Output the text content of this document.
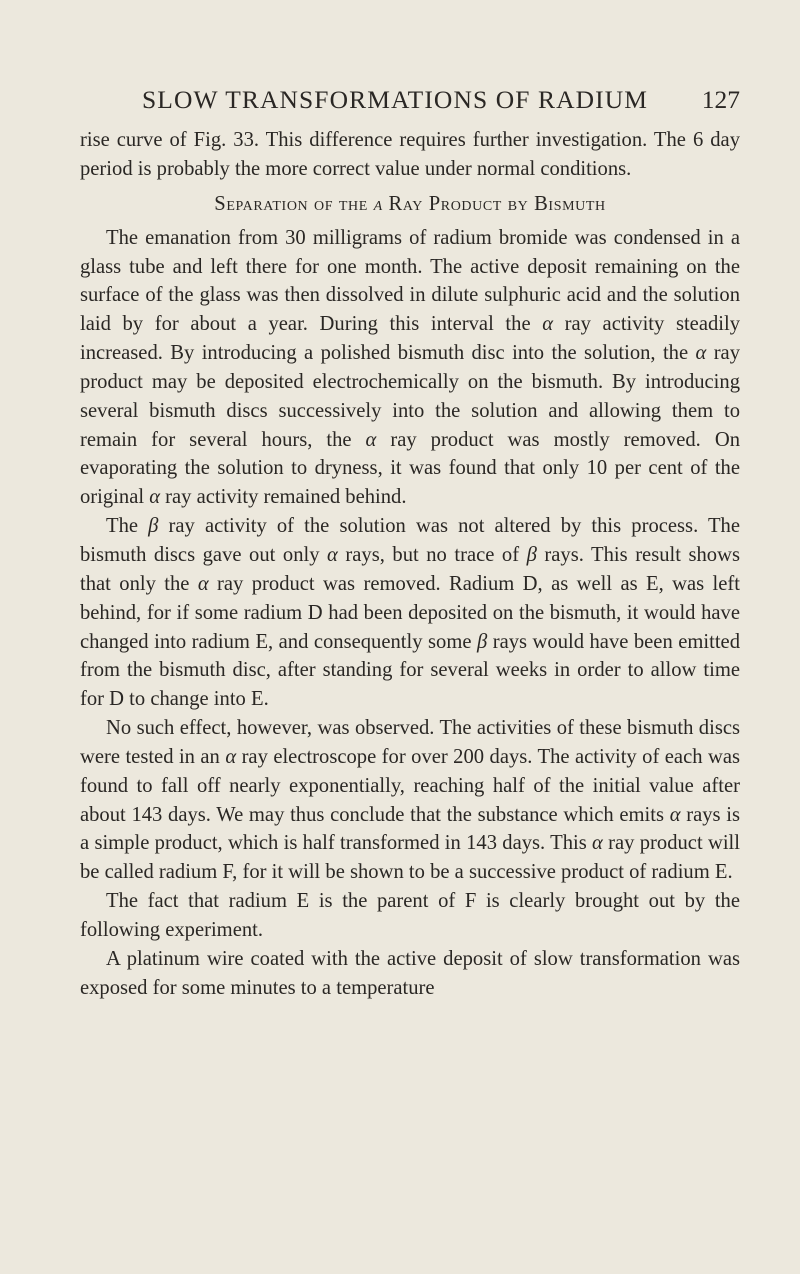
SLOW TRANSFORMATIONS OF RADIUM 127

rise curve of Fig. 33. This difference requires further investigation. The 6 day period is probably the more correct value under normal conditions.

Separation of the α Ray Product by Bismuth

The emanation from 30 milligrams of radium bromide was condensed in a glass tube and left there for one month. The active deposit remaining on the surface of the glass was then dissolved in dilute sulphuric acid and the solution laid by for about a year. During this interval the α ray activity steadily increased. By introducing a polished bismuth disc into the solution, the α ray product may be deposited electrochemically on the bismuth. By introducing several bismuth discs successively into the solution and allowing them to remain for several hours, the α ray product was mostly removed. On evaporating the solution to dryness, it was found that only 10 per cent of the original α ray activity remained behind.

The β ray activity of the solution was not altered by this process. The bismuth discs gave out only α rays, but no trace of β rays. This result shows that only the α ray product was removed. Radium D, as well as E, was left behind, for if some radium D had been deposited on the bismuth, it would have changed into radium E, and consequently some β rays would have been emitted from the bismuth disc, after standing for several weeks in order to allow time for D to change into E.

No such effect, however, was observed. The activities of these bismuth discs were tested in an α ray electroscope for over 200 days. The activity of each was found to fall off nearly exponentially, reaching half of the initial value after about 143 days. We may thus conclude that the substance which emits α rays is a simple product, which is half transformed in 143 days. This α ray product will be called radium F, for it will be shown to be a successive product of radium E.

The fact that radium E is the parent of F is clearly brought out by the following experiment.

A platinum wire coated with the active deposit of slow transformation was exposed for some minutes to a temperature
